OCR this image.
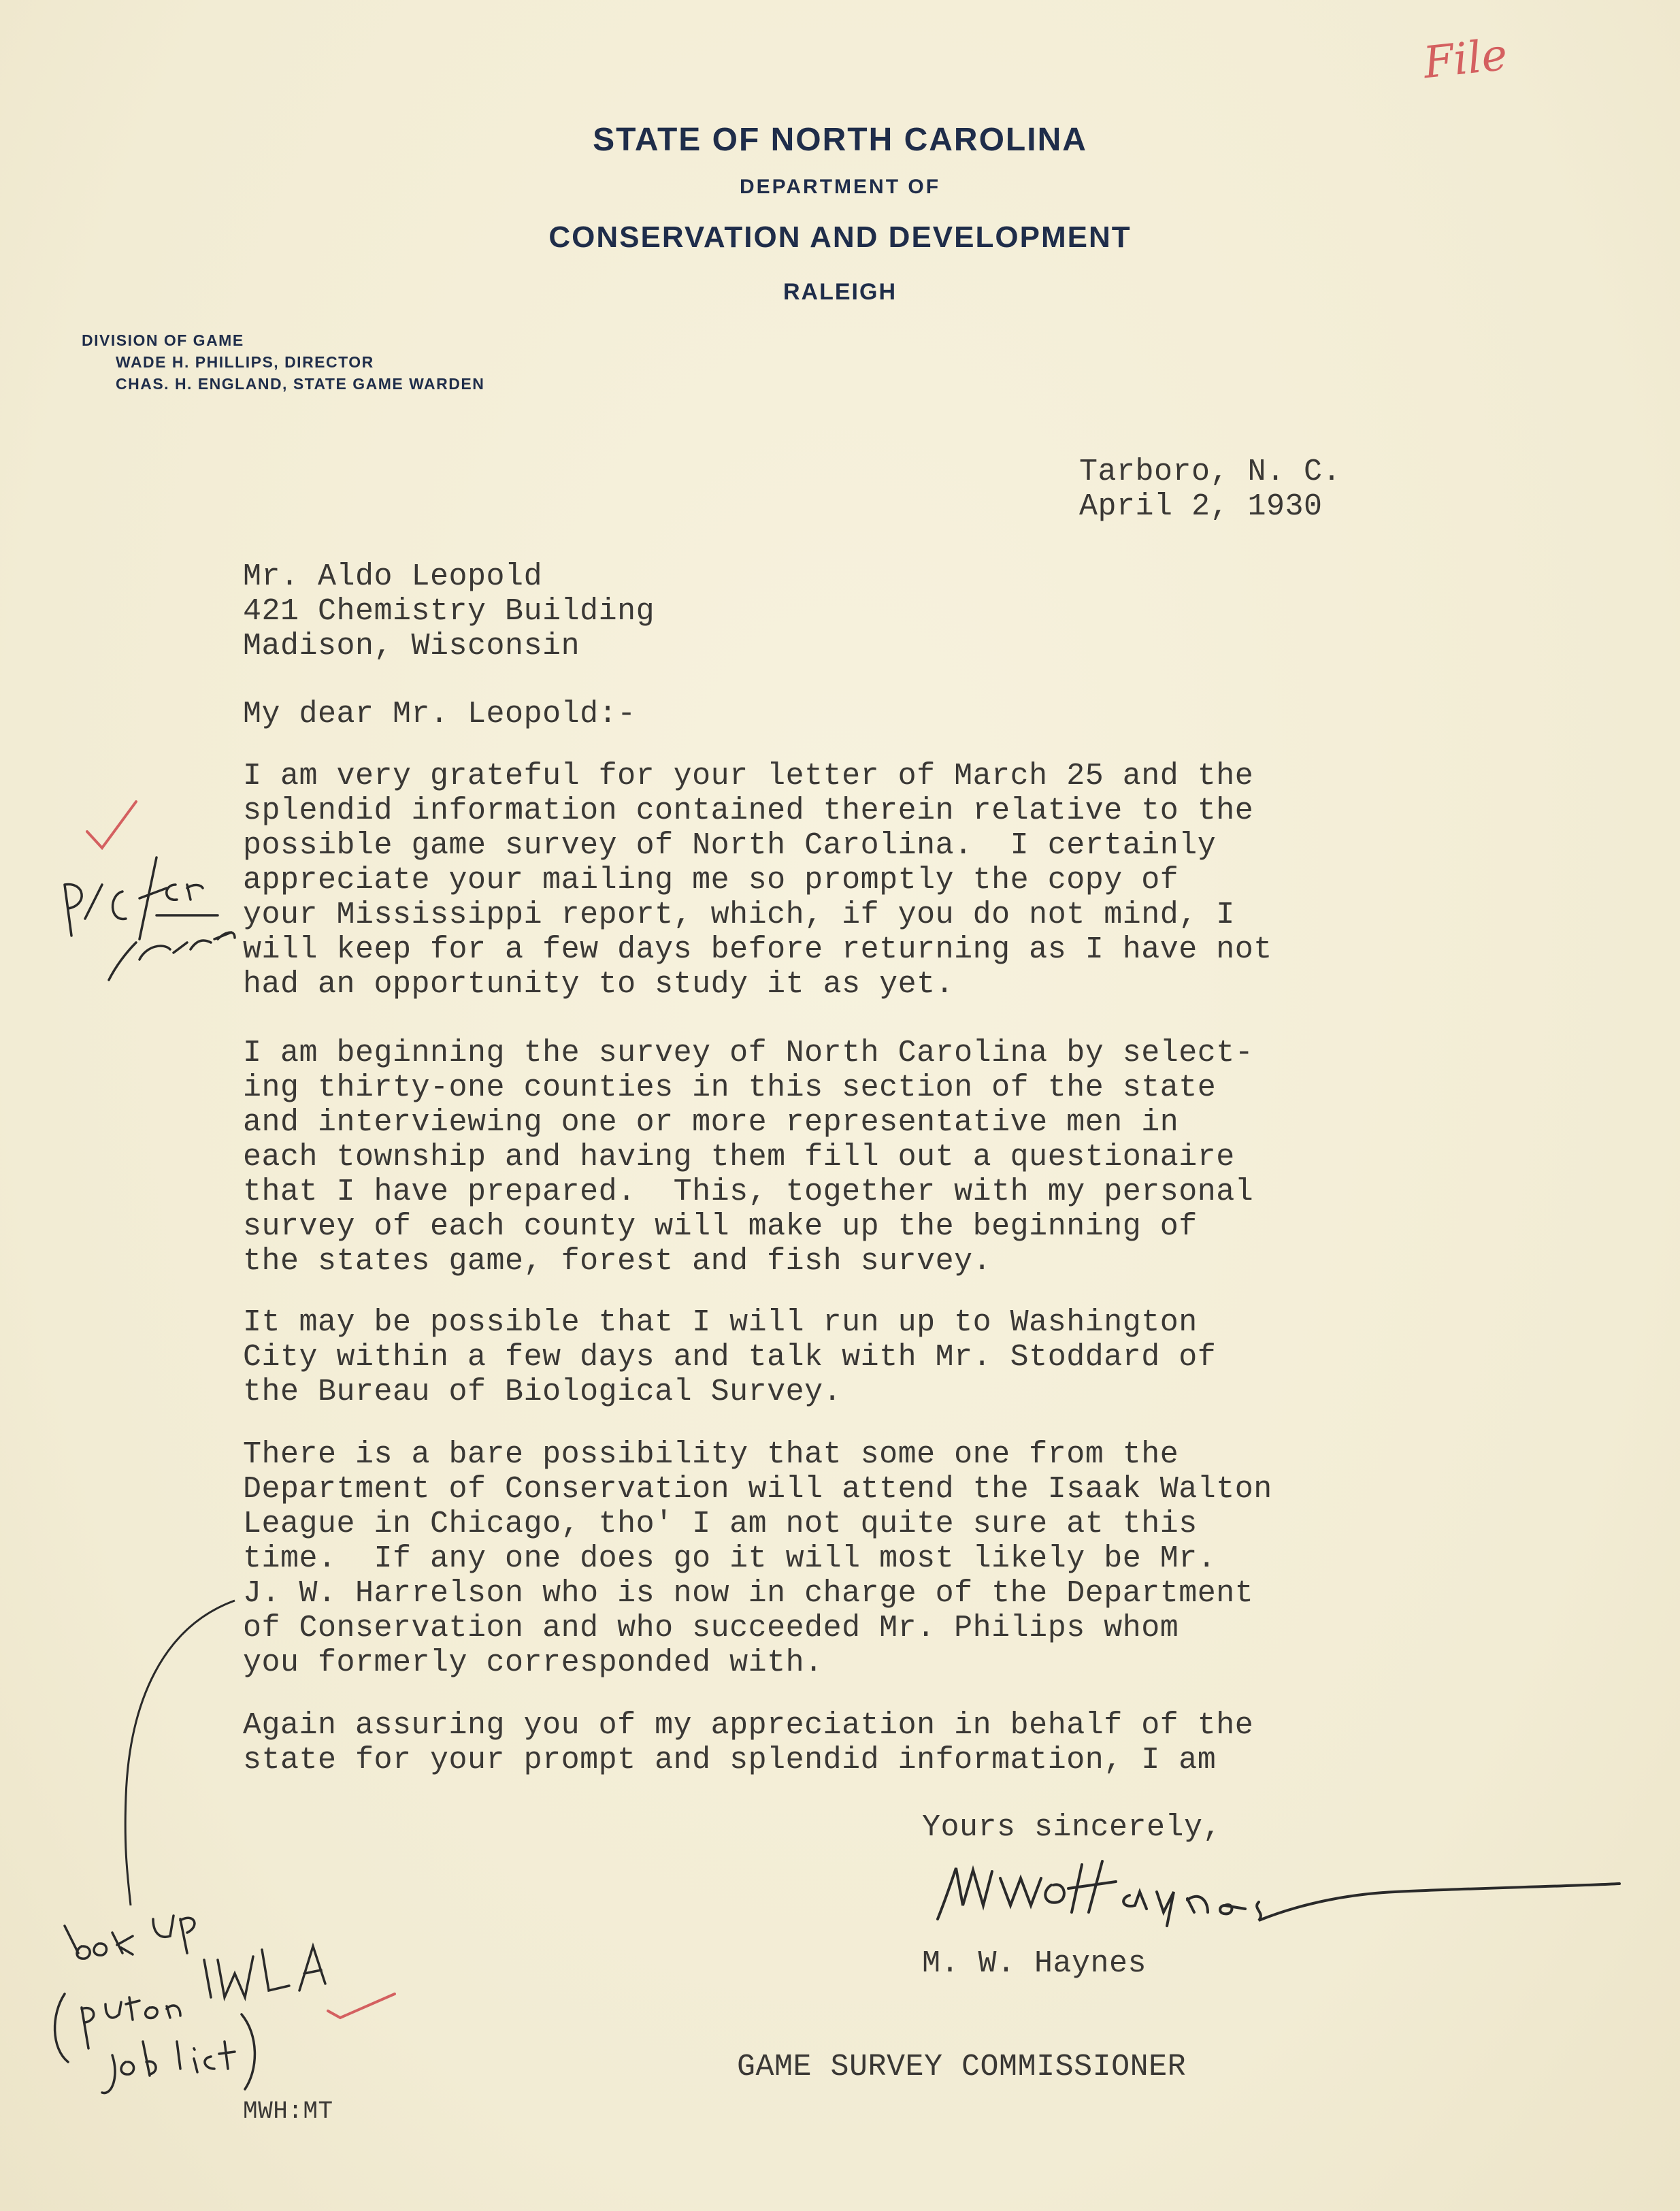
STATE OF NORTH CAROLINA
DEPARTMENT OF
CONSERVATION AND DEVELOPMENT
RALEIGH
DIVISION OF GAME
WADE H. PHILLIPS, DIRECTOR
CHAS. H. ENGLAND, STATE GAME WARDEN
File
Tarboro, N. C.
April 2, 1930
Mr. Aldo Leopold
421 Chemistry Building
Madison, Wisconsin
My dear Mr. Leopold:-
I am very grateful for your letter of March 25 and the
splendid information contained therein relative to the
possible game survey of North Carolina.  I certainly
appreciate your mailing me so promptly the copy of
your Mississippi report, which, if you do not mind, I
will keep for a few days before returning as I have not
had an opportunity to study it as yet.
I am beginning the survey of North Carolina by select-
ing thirty-one counties in this section of the state
and interviewing one or more representative men in
each township and having them fill out a questionaire
that I have prepared.  This, together with my personal
survey of each county will make up the beginning of
the states game, forest and fish survey.
It may be possible that I will run up to Washington
City within a few days and talk with Mr. Stoddard of
the Bureau of Biological Survey.
There is a bare possibility that some one from the
Department of Conservation will attend the Isaak Walton
League in Chicago, tho' I am not quite sure at this
time.  If any one does go it will most likely be Mr.
J. W. Harrelson who is now in charge of the Department
of Conservation and who succeeded Mr. Philips whom
you formerly corresponded with.
Again assuring you of my appreciation in behalf of the
state for your prompt and splendid information, I am
Yours sincerely,
M. W. Haynes
GAME SURVEY COMMISSIONER
MWH:MT
